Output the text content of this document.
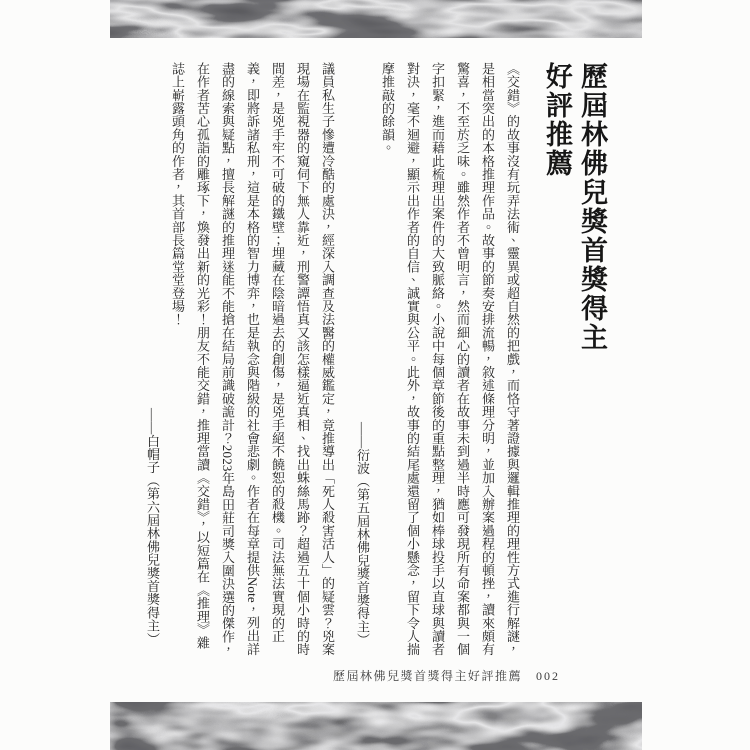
歷屆林佛兒獎首獎得主
好評推薦

《交錯》的故事沒有玩弄法術、靈異或超自然的把戲，而恪守著證據與邏輯推理的理性方式進行解謎，是相當突出的本格推理作品。故事的節奏安排流暢，敘述條理分明，並加入辦案過程的頓挫，讀來頗有驚喜，不至於乏味。雖然作者不曾明言，然而細心的讀者在故事未到過半時應可發現所有命案都與一個字扣緊，進而藉此梳理出案件的大致脈絡。小說中每個章節後的重點整理，猶如棒球投手以直球與讀者對決，毫不迴避，顯示出作者的自信、誠實與公平。此外，故事的結尾處還留了個小懸念，留下令人揣摩推敲的餘韻。

——衍波（第五屆林佛兒獎首獎得主）

議員私生子慘遭冷酷的處決，經深入調查及法醫的權威鑑定，竟推導出「死人殺害活人」的疑雲？兇案現場在監視器的窺伺下無人靠近，刑警譚悟真又該怎樣逼近真相、找出蛛絲馬跡？超過五十個小時的時間差，是兇手牢不可破的鐵壁；埋藏在陰暗過去的創傷，是兇手絕不饒恕的殺機。司法無法實現的正義，即將訴諸私刑，這是本格的智力博弈，也是執念與階級的社會悲劇。作者在每章提供Note，列出詳盡的線索與疑點，擅長解謎的推理迷能不能搶在結局前識破詭計？2023年島田莊司獎入圍決選的傑作，在作者苦心孤詣的雕琢下，煥發出新的光彩！朋友不能交錯，推理當讀《交錯》，以短篇在《推理》雜誌上嶄露頭角的作者，其首部長篇堂堂登場！

——白帽子（第六屆林佛兒獎首獎得主）

歷屆林佛兒獎首獎得主好評推薦 002
